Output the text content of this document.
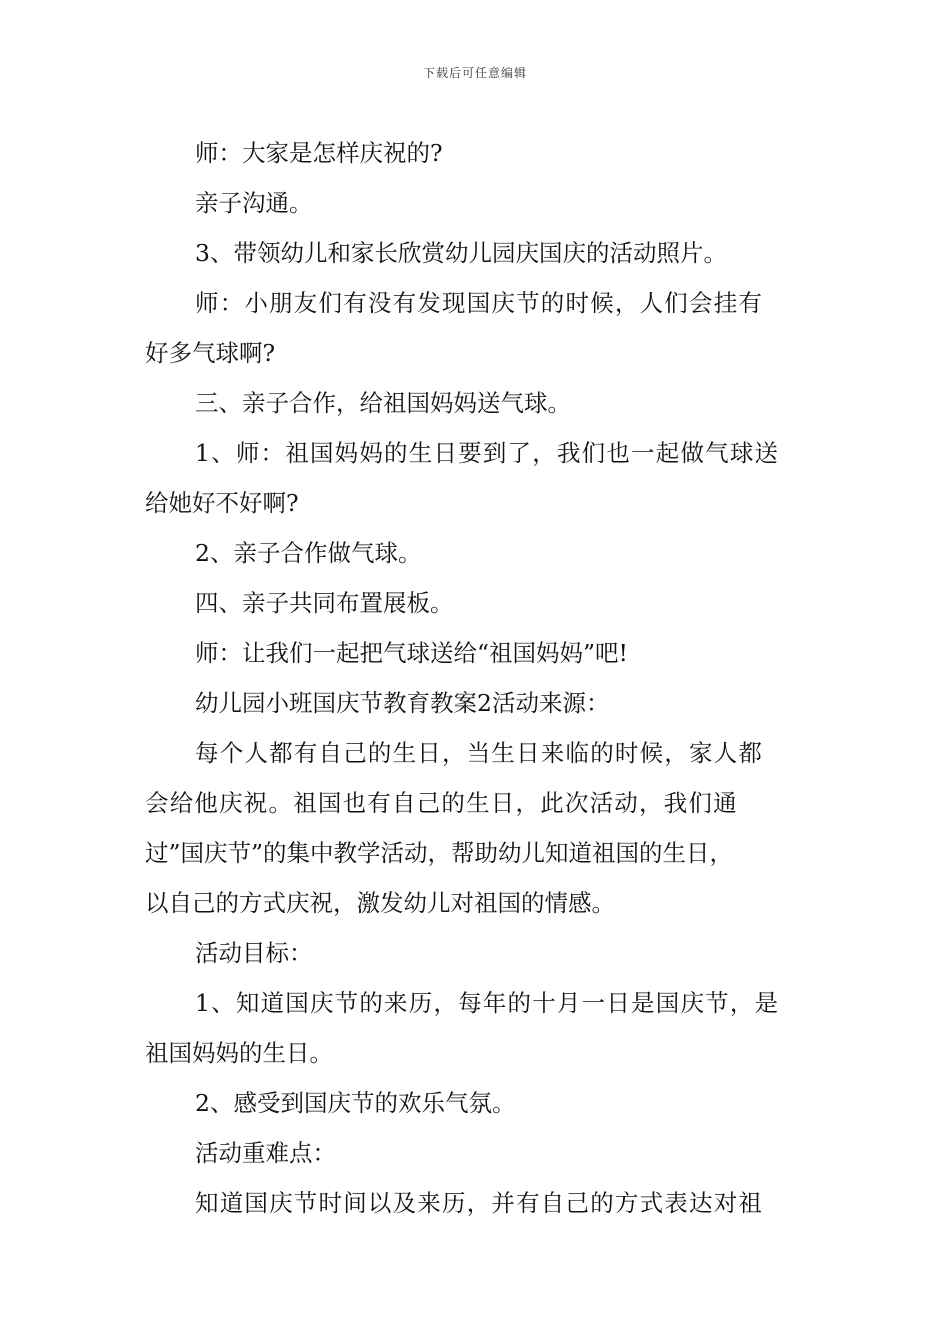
下载后可任意编辑
师：大家是怎样庆祝的?
亲子沟通。
3、带领幼儿和家长欣赏幼儿园庆国庆的活动照片。
师：小朋友们有没有发现国庆节的时候，人们会挂有
好多气球啊?
三、亲子合作，给祖国妈妈送气球。
1、师：祖国妈妈的生日要到了，我们也一起做气球送
给她好不好啊?
2、亲子合作做气球。
四、亲子共同布置展板。
师：让我们一起把气球送给“祖国妈妈”吧!
幼儿园小班国庆节教育教案2活动来源：
每个人都有自己的生日，当生日来临的时候，家人都
会给他庆祝。祖国也有自己的生日，此次活动，我们通
过”国庆节”的集中教学活动，帮助幼儿知道祖国的生日，
以自己的方式庆祝，激发幼儿对祖国的情感。
活动目标：
1、知道国庆节的来历，每年的十月一日是国庆节，是
祖国妈妈的生日。
2、感受到国庆节的欢乐气氛。
活动重难点：
知道国庆节时间以及来历，并有自己的方式表达对祖
